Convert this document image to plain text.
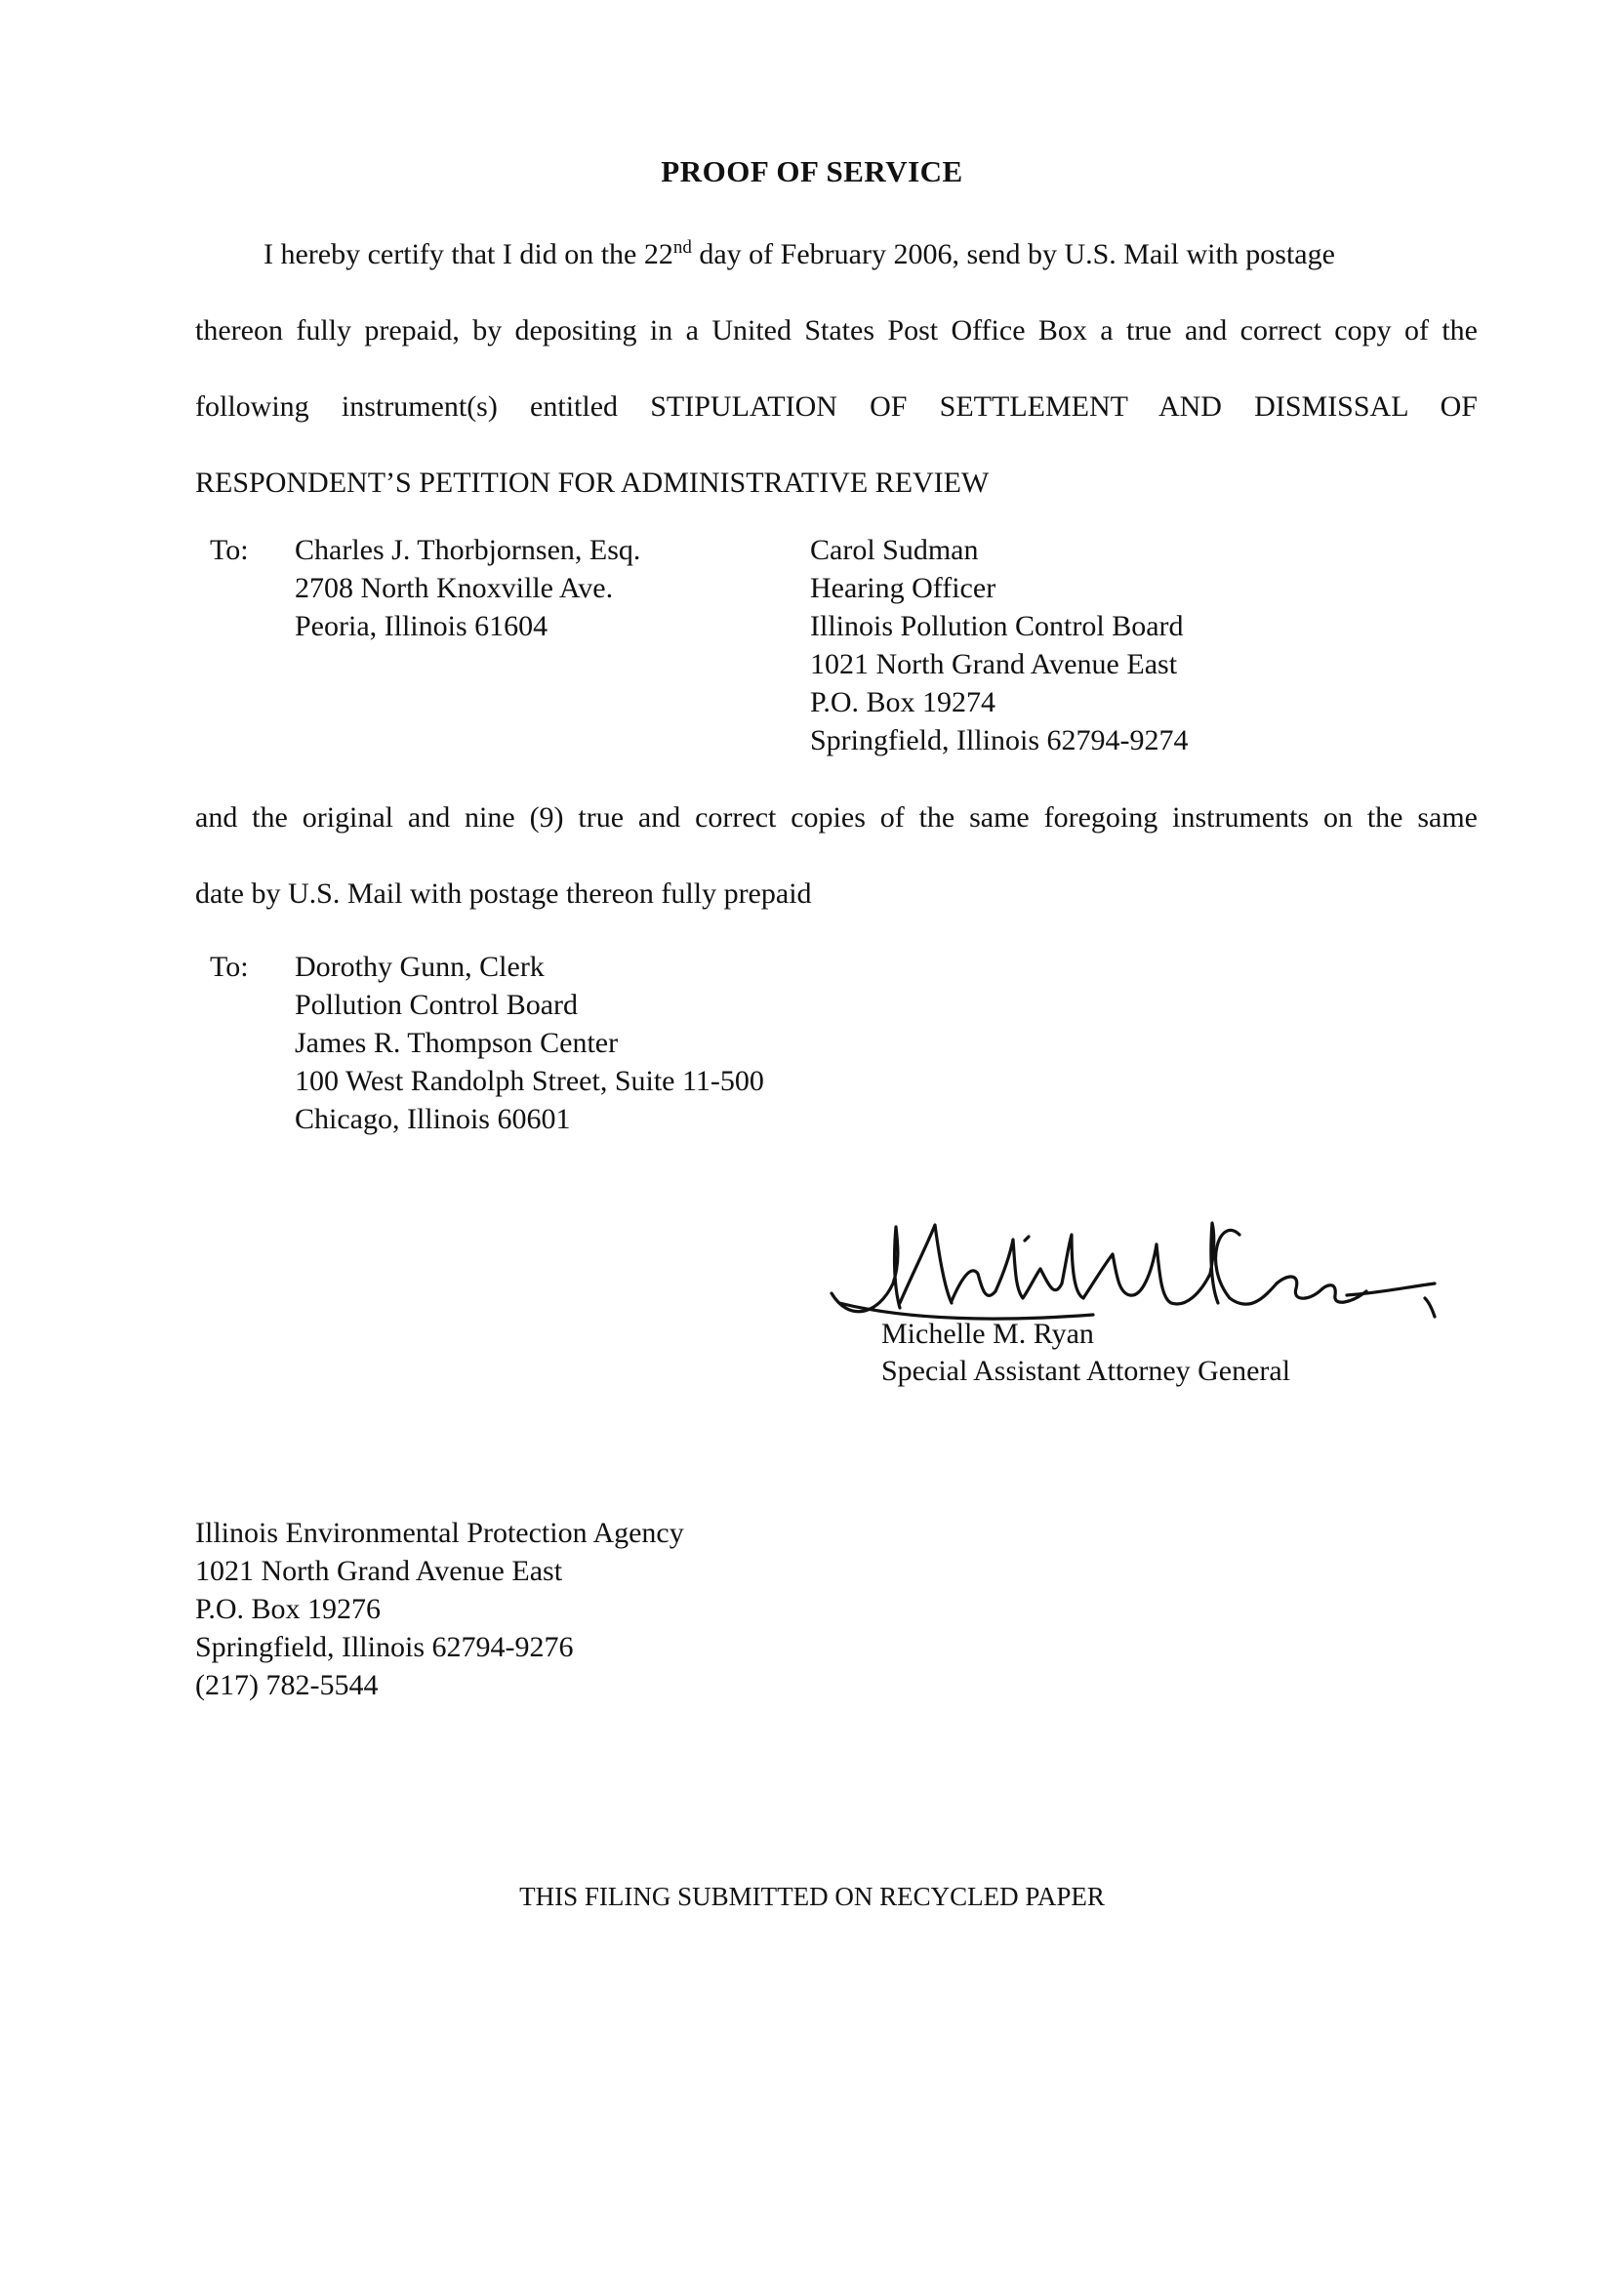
PROOF OF SERVICE
I hereby certify that I did on the 22nd day of February 2006, send by U.S. Mail with postage
thereon fully prepaid, by depositing in a United States Post Office Box a true and correct copy of the
following instrument(s) entitled STIPULATION OF SETTLEMENT AND DISMISSAL OF
RESPONDENT’S PETITION FOR ADMINISTRATIVE REVIEW
To: Charles J. Thorbjornsen, Esq.
2708 North Knoxville Ave.
Peoria, Illinois 61604
Carol Sudman
Hearing Officer
Illinois Pollution Control Board
1021 North Grand Avenue East
P.O. Box 19274
Springfield, Illinois 62794-9274
and the original and nine (9) true and correct copies of the same foregoing instruments on the same
date by U.S. Mail with postage thereon fully prepaid
To: Dorothy Gunn, Clerk
Pollution Control Board
James R. Thompson Center
100 West Randolph Street, Suite 11-500
Chicago, Illinois 60601
Michelle M. Ryan
Special Assistant Attorney General
Illinois Environmental Protection Agency
1021 North Grand Avenue East
P.O. Box 19276
Springfield, Illinois 62794-9276
(217) 782-5544
THIS FILING SUBMITTED ON RECYCLED PAPER
